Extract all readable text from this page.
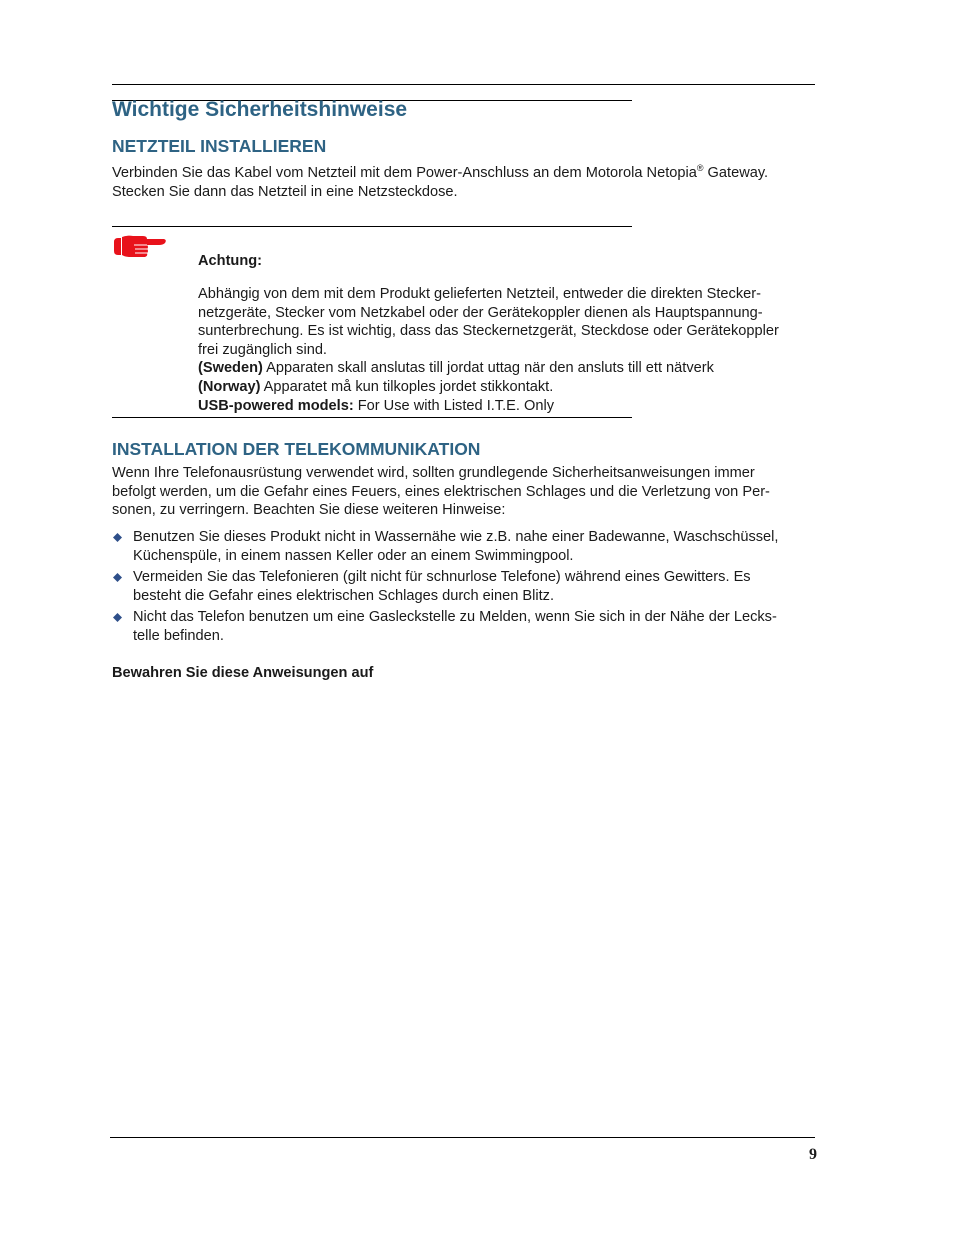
Wichtige Sicherheitshinweise
NETZTEIL INSTALLIEREN

Verbinden Sie das Kabel vom Netzteil mit dem Power-Anschluss an dem Motorola Netopia® Gateway.
Stecken Sie dann das Netzteil in eine Netzsteckdose.

Achtung:

Abhängig von dem mit dem Produkt gelieferten Netzteil, entweder die direkten Stecker-
netzgeräte, Stecker vom Netzkabel oder der Gerätekoppler dienen als Hauptspannung-
sunterbrechung. Es ist wichtig, dass das Steckernetzgerät, Steckdose oder Gerätekoppler
frei zugänglich sind.
(Sweden) Apparaten skall anslutas till jordat uttag när den ansluts till ett nätverk
(Norway) Apparatet må kun tilkoples jordet stikkontakt.
USB-powered models: For Use with Listed I.T.E. Only
INSTALLATION DER TELEKOMMUNIKATION

Wenn Ihre Telefonausrüstung verwendet wird, sollten grundlegende Sicherheitsanweisungen immer
befolgt werden, um die Gefahr eines Feuers, eines elektrischen Schlages und die Verletzung von Per-
sonen, zu verringern. Beachten Sie diese weiteren Hinweise:

Benutzen Sie dieses Produkt nicht in Wassernähe wie z.B. nahe einer Badewanne, Waschschüssel,
Küchenspüle, in einem nassen Keller oder an einem Swimmingpool.
Vermeiden Sie das Telefonieren (gilt nicht für schnurlose Telefone) während eines Gewitters. Es
besteht die Gefahr eines elektrischen Schlages durch einen Blitz.
Nicht das Telefon benutzen um eine Gasleckstelle zu Melden, wenn Sie sich in der Nähe der Lecks-
telle befinden.

Bewahren Sie diese Anweisungen auf

9
